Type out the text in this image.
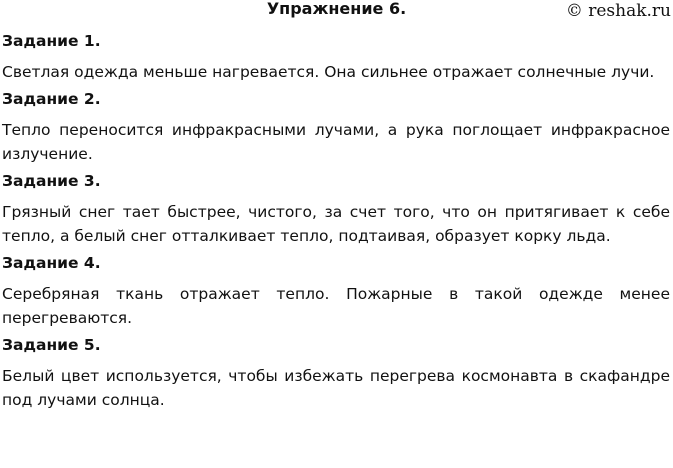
Упражнение 6.	© reshak.ru
Задание 1.
Светлая одежда меньше нагревается. Она сильнее отражает солнечные лучи.
Задание 2.
Тепло переносится инфракрасными лучами, а рука поглощает инфракрасное излучение.
Задание 3.
Грязный снег тает быстрее, чистого, за счет того, что он притягивает к себе тепло, а белый снег отталкивает тепло, подтаивая, образует корку льда.
Задание 4.
Серебряная ткань отражает тепло. Пожарные в такой одежде менее перегреваются.
Задание 5.
Белый цвет используется, чтобы избежать перегрева космонавта в скафандре под лучами солнца.
